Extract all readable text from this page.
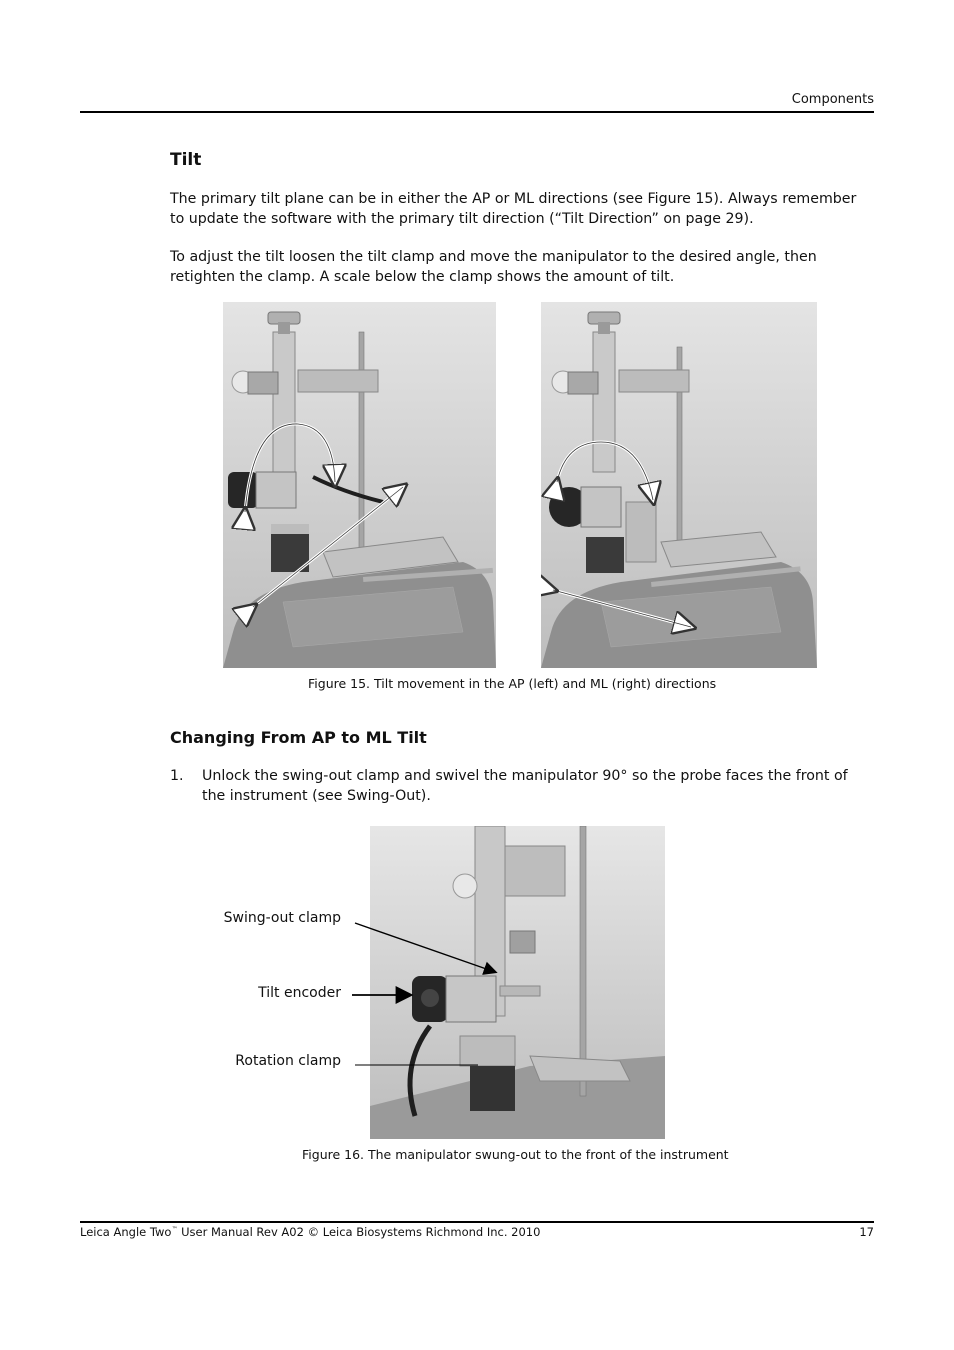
Components
Tilt

The primary tilt plane can be in either the AP or ML directions (see Figure 15). Always remember to update the software with the primary tilt direction (“Tilt Direction” on page 29).

To adjust the tilt loosen the tilt clamp and move the manipulator to the desired angle, then retighten the clamp. A scale below the clamp shows the amount of tilt.

Figure 15. Tilt movement in the AP (left) and ML (right) directions
Changing From AP to ML Tilt
1.	Unlock the swing-out clamp and swivel the manipulator 90° so the probe faces the front of the instrument (see Swing-Out).
Swing-out clamp
Tilt encoder
Rotation clamp
Figure 16. The manipulator swung-out to the front of the instrument
Leica Angle Two™ User Manual Rev A02 © Leica Biosystems Richmond Inc. 2010	17
